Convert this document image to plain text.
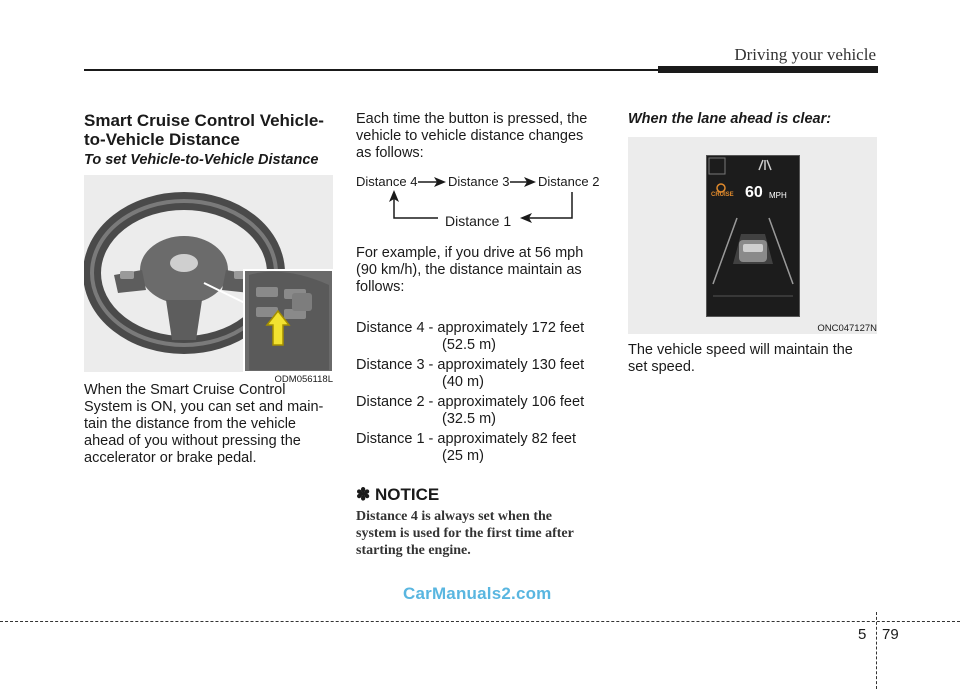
Driving your vehicle
Smart Cruise Control Vehicle-
to-Vehicle Distance
To set Vehicle-to-Vehicle Distance
ODM056118L
When the Smart Cruise Control
System is ON, you can set and main-
tain the distance from the vehicle
ahead of you without pressing the
accelerator or brake pedal.
Each time the button is pressed, the
vehicle to vehicle distance changes
as follows:
Distance 4 Distance 3 Distance 2
Distance 1
For example, if you drive at 56 mph
(90 km/h), the distance maintain as
follows:
Distance 4 - approximately 172 feet
(52.5 m)
Distance 3 - approximately 130 feet
(40 m)
Distance 2 - approximately 106 feet
(32.5 m)
Distance 1 - approximately 82 feet
(25 m)
✽ NOTICE
Distance 4 is always set when the
system is used for the first time after
starting the engine.
When the lane ahead is clear:
CRUISE 60 MPH
ONC047127N
The vehicle speed will maintain the
set speed.
CarManuals2.com
5 79
